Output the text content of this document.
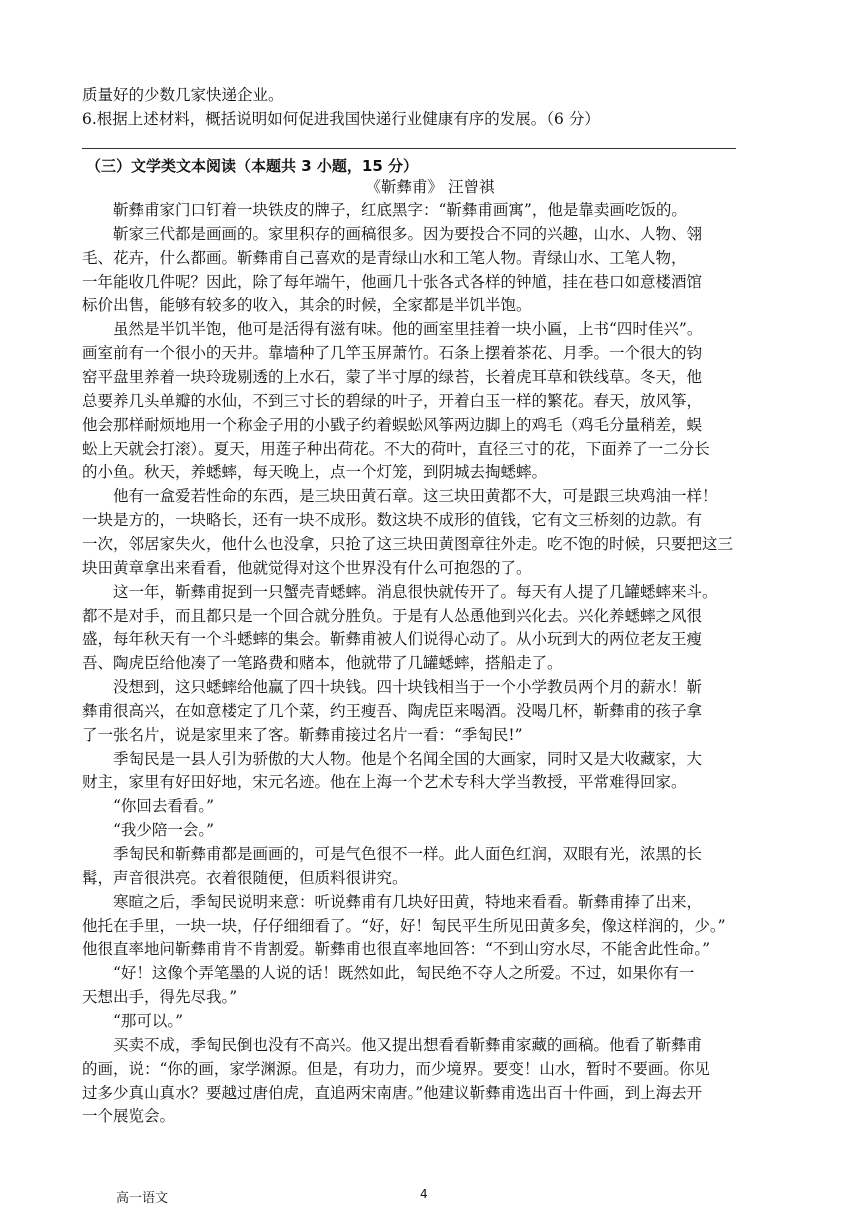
质量好的少数几家快递企业。
6.根据上述材料，概括说明如何促进我国快递行业健康有序的发展。（6 分）
（三）文学类文本阅读（本题共 3 小题，15 分）
《靳彝甫》 汪曾祺
靳彝甫家门口钉着一块铁皮的牌子，红底黑字：“靳彝甫画寓”，他是靠卖画吃饭的。
靳家三代都是画画的。家里积存的画稿很多。因为要投合不同的兴趣，山水、人物、翎
毛、花卉，什么都画。靳彝甫自己喜欢的是青绿山水和工笔人物。青绿山水、工笔人物，
一年能收几件呢？因此，除了每年端午，他画几十张各式各样的钟馗，挂在巷口如意楼酒馆
标价出售，能够有较多的收入，其余的时候，全家都是半饥半饱。
虽然是半饥半饱，他可是活得有滋有味。他的画室里挂着一块小匾，上书“四时佳兴”。
画室前有一个很小的天井。靠墙种了几竿玉屏萧竹。石条上摆着茶花、月季。一个很大的钧
窑平盘里养着一块玲珑剔透的上水石，蒙了半寸厚的绿苔，长着虎耳草和铁线草。冬天，他
总要养几头单瓣的水仙，不到三寸长的碧绿的叶子，开着白玉一样的繁花。春天，放风筝，
他会那样耐烦地用一个称金子用的小戥子约着蜈蚣风筝两边脚上的鸡毛（鸡毛分量稍差，蜈
蚣上天就会打滚）。夏天，用莲子种出荷花。不大的荷叶，直径三寸的花，下面养了一二分长
的小鱼。秋天，养蟋蟀，每天晚上，点一个灯笼，到阴城去掏蟋蟀。
他有一盒爱若性命的东西，是三块田黄石章。这三块田黄都不大，可是跟三块鸡油一样！
一块是方的，一块略长，还有一块不成形。数这块不成形的值钱，它有文三桥刻的边款。有
一次，邻居家失火，他什么也没拿，只抢了这三块田黄图章往外走。吃不饱的时候，只要把这三
块田黄章拿出来看看，他就觉得对这个世界没有什么可抱怨的了。
这一年，靳彝甫捉到一只蟹壳青蟋蟀。消息很快就传开了。每天有人提了几罐蟋蟀来斗。
都不是对手，而且都只是一个回合就分胜负。于是有人怂恿他到兴化去。兴化养蟋蟀之风很
盛，每年秋天有一个斗蟋蟀的集会。靳彝甫被人们说得心动了。从小玩到大的两位老友王瘦
吾、陶虎臣给他凑了一笔路费和赌本，他就带了几罐蟋蟀，搭船走了。
没想到，这只蟋蟀给他赢了四十块钱。四十块钱相当于一个小学教员两个月的薪水！靳
彝甫很高兴，在如意楼定了几个菜，约王瘦吾、陶虎臣来喝酒。没喝几杯，靳彝甫的孩子拿
了一张名片，说是家里来了客。靳彝甫接过名片一看：“季匋民!”
季匋民是一县人引为骄傲的大人物。他是个名闻全国的大画家，同时又是大收藏家，大
财主，家里有好田好地，宋元名迹。他在上海一个艺术专科大学当教授，平常难得回家。
“你回去看看。”
“我少陪一会。”
季匋民和靳彝甫都是画画的，可是气色很不一样。此人面色红润，双眼有光，浓黑的长
髯，声音很洪亮。衣着很随便，但质料很讲究。
寒暄之后，季匋民说明来意：听说彝甫有几块好田黄，特地来看看。靳彝甫捧了出来，
他托在手里，一块一块，仔仔细细看了。“好，好！匋民平生所见田黄多矣，像这样润的，少。”
他很直率地问靳彝甫肯不肯割爱。靳彝甫也很直率地回答：“不到山穷水尽，不能舍此性命。”
“好！这像个弄笔墨的人说的话！既然如此，匋民绝不夺人之所爱。不过，如果你有一
天想出手，得先尽我。”
“那可以。”
买卖不成，季匋民倒也没有不高兴。他又提出想看看靳彝甫家藏的画稿。他看了靳彝甫
的画，说：“你的画，家学渊源。但是，有功力，而少境界。要变！山水，暂时不要画。你见
过多少真山真水？要越过唐伯虎，直追两宋南唐。”他建议靳彝甫选出百十件画，到上海去开
一个展览会。
高一语文	4
